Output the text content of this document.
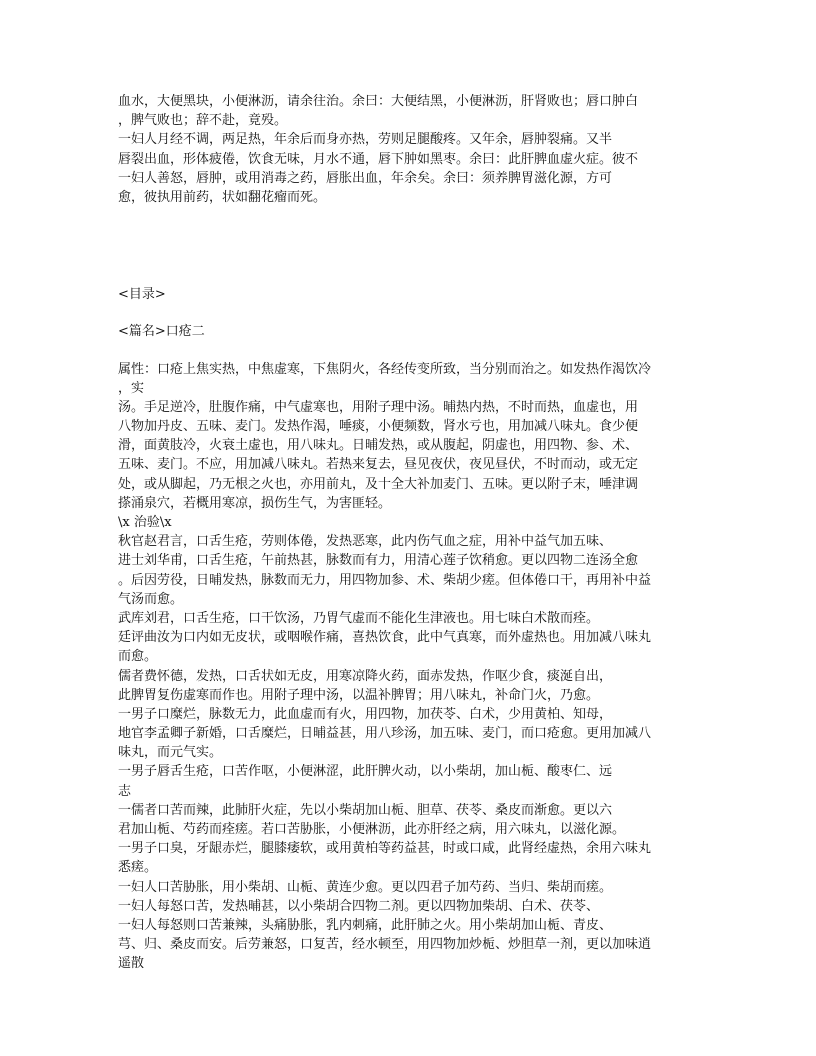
血水，大便黑块，小便淋沥，请余往治。余曰：大便结黑，小便淋沥，肝肾败也；唇口肿白
，脾气败也；辞不赴，竟殁。
一妇人月经不调，两足热，年余后而身亦热，劳则足腿酸疼。又年余，唇肿裂痛。又半
唇裂出血，形体疲倦，饮食无味，月水不通，唇下肿如黑枣。余曰：此肝脾血虚火症。彼不
一妇人善怒，唇肿，或用消毒之药，唇胀出血，年余矣。余曰：须养脾胃滋化源，方可
愈，彼执用前药，状如翻花瘤而死。
<目录>
<篇名>口疮二
属性：口疮上焦实热，中焦虚寒，下焦阴火，各经传变所致，当分别而治之。如发热作渴饮冷
，实
汤。手足逆冷，肚腹作痛，中气虚寒也，用附子理中汤。晡热内热，不时而热，血虚也，用
八物加丹皮、五味、麦门。发热作渴，唾痰，小便频数，肾水亏也，用加减八味丸。食少便
滑，面黄肢冷，火衰土虚也，用八味丸。日晡发热，或从腹起，阴虚也，用四物、参、术、
五味、麦门。不应，用加减八味丸。若热来复去，昼见夜伏，夜见昼伏，不时而动，或无定
处，或从脚起，乃无根之火也，亦用前丸，及十全大补加麦门、五味。更以附子末，唾津调
搽涌泉穴，若概用寒凉，损伤生气，为害匪轻。
\x 治验\x
秋官赵君言，口舌生疮，劳则体倦，发热恶寒，此内伤气血之症，用补中益气加五味、
进士刘华甫，口舌生疮，午前热甚，脉数而有力，用清心莲子饮稍愈。更以四物二连汤全愈
。后因劳役，日晡发热，脉数而无力，用四物加参、术、柴胡少瘥。但体倦口干，再用补中益
气汤而愈。
武库刘君，口舌生疮，口干饮汤，乃胃气虚而不能化生津液也。用七味白术散而痊。
廷评曲汝为口内如无皮状，或咽喉作痛，喜热饮食，此中气真寒，而外虚热也。用加减八味丸
而愈。
儒者费怀德，发热，口舌状如无皮，用寒凉降火药，面赤发热，作呕少食，痰涎自出，
此脾胃复伤虚寒而作也。用附子理中汤，以温补脾胃；用八味丸，补命门火，乃愈。
一男子口糜烂，脉数无力，此血虚而有火，用四物，加茯苓、白术，少用黄柏、知母，
地官李孟卿子新婚，口舌糜烂，日晡益甚，用八珍汤，加五味、麦门，而口疮愈。更用加减八
味丸，而元气实。
一男子唇舌生疮，口苦作呕，小便淋涩，此肝脾火动，以小柴胡，加山栀、酸枣仁、远
志
一儒者口苦而辣，此肺肝火症，先以小柴胡加山栀、胆草、茯苓、桑皮而渐愈。更以六
君加山栀、芍药而痊瘥。若口苦胁胀，小便淋沥，此亦肝经之病，用六味丸，以滋化源。
一男子口臭，牙龈赤烂，腿膝痿软，或用黄柏等药益甚，时或口咸，此肾经虚热，余用六味丸
悉瘥。
一妇人口苦胁胀，用小柴胡、山栀、黄连少愈。更以四君子加芍药、当归、柴胡而瘥。
一妇人每怒口苦，发热晡甚，以小柴胡合四物二剂。更以四物加柴胡、白术、茯苓、
一妇人每怒则口苦兼辣，头痛胁胀，乳内刺痛，此肝肺之火。用小柴胡加山栀、青皮、
芎、归、桑皮而安。后劳兼怒，口复苦，经水顿至，用四物加炒栀、炒胆草一剂，更以加味逍
遥散
